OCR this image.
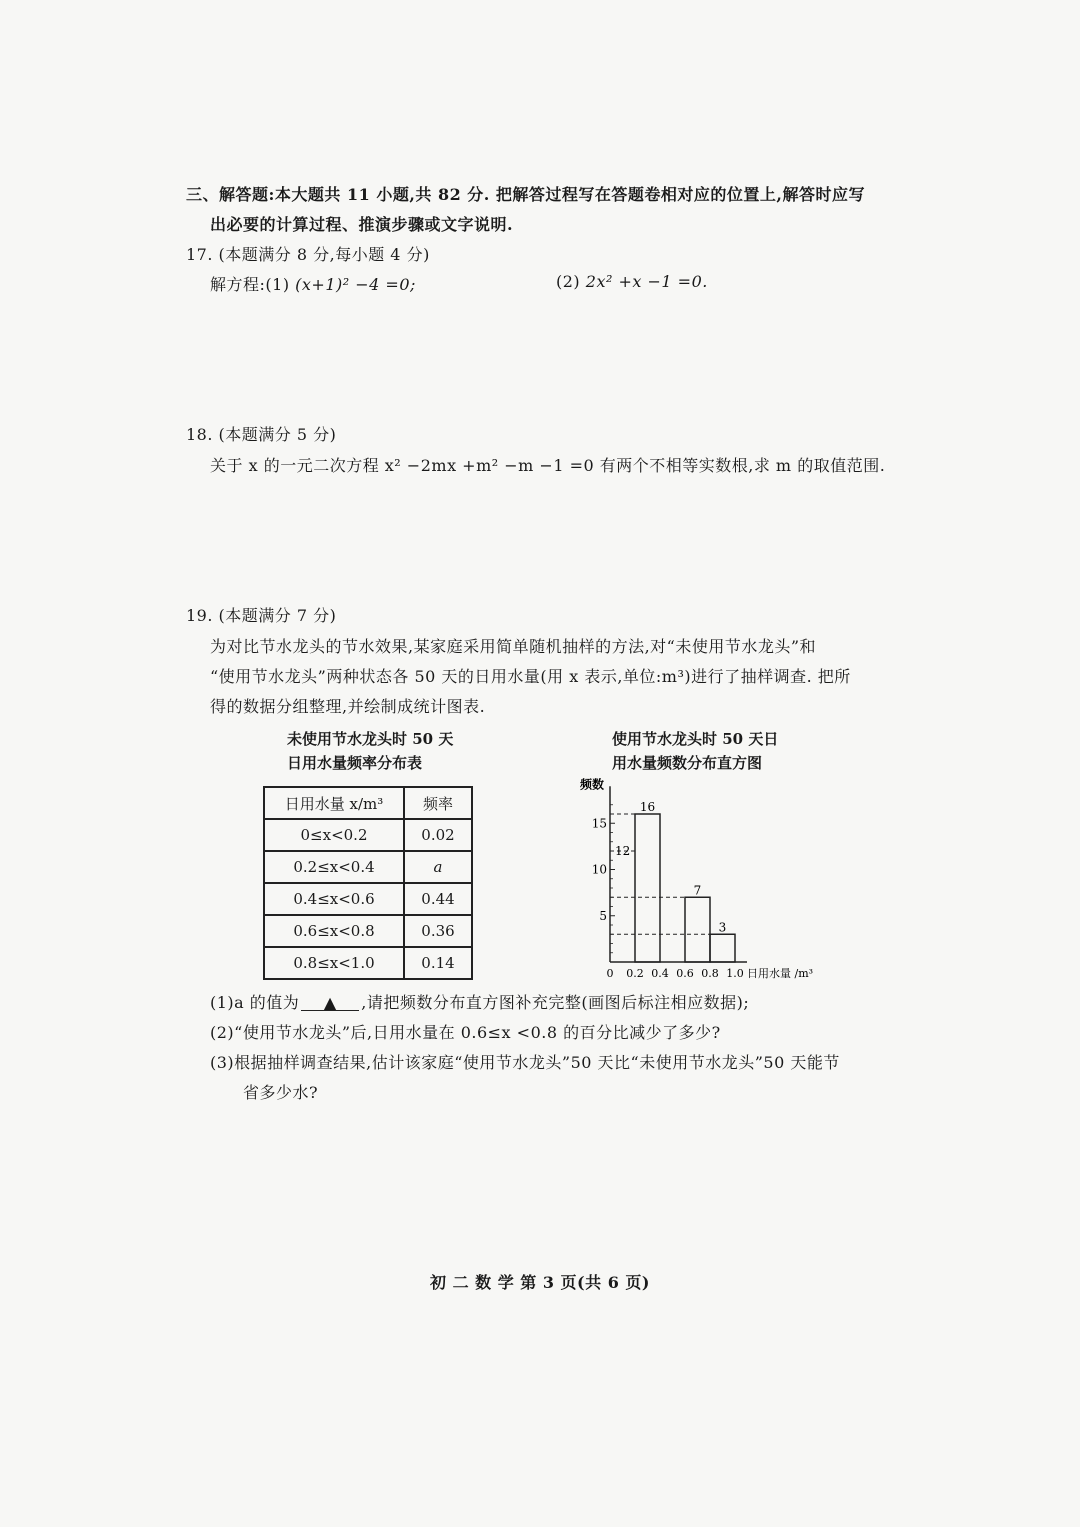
三、解答题:本大题共 11 小题,共 82 分. 把解答过程写在答题卷相对应的位置上,解答时应写
出必要的计算过程、推演步骤或文字说明.
17. (本题满分 8 分,每小题 4 分)
解方程:(1) (x+1)² −4 =0;	(2) 2x² +x −1 =0.
18. (本题满分 5 分)
关于 x 的一元二次方程 x² −2mx +m² −m −1 =0 有两个不相等实数根,求 m 的取值范围.
19. (本题满分 7 分)
为对比节水龙头的节水效果,某家庭采用简单随机抽样的方法,对“未使用节水龙头”和
“使用节水龙头”两种状态各 50 天的日用水量(用 x 表示,单位:m³)进行了抽样调查. 把所
得的数据分组整理,并绘制成统计图表.
未使用节水龙头时 50 天
日用水量频率分布表
日用水量 x/m³	频率
0≤x<0.2	0.02
0.2≤x<0.4	a
0.4≤x<0.6	0.44
0.6≤x<0.8	0.36
0.8≤x<1.0	0.14
使用节水龙头时 50 天日
用水量频数分布直方图
5
10
15
频数
0 0.2 0.4 0.6 0.8 1.0 日用水量 /m³
12
16
7
3
(1)a 的值为 ▲ ,请把频数分布直方图补充完整(画图后标注相应数据);
(2)“使用节水龙头”后,日用水量在 0.6≤x <0.8 的百分比减少了多少?
(3)根据抽样调查结果,估计该家庭“使用节水龙头”50 天比“未使用节水龙头”50 天能节
省多少水?
初 二 数 学 第 3 页(共 6 页)
